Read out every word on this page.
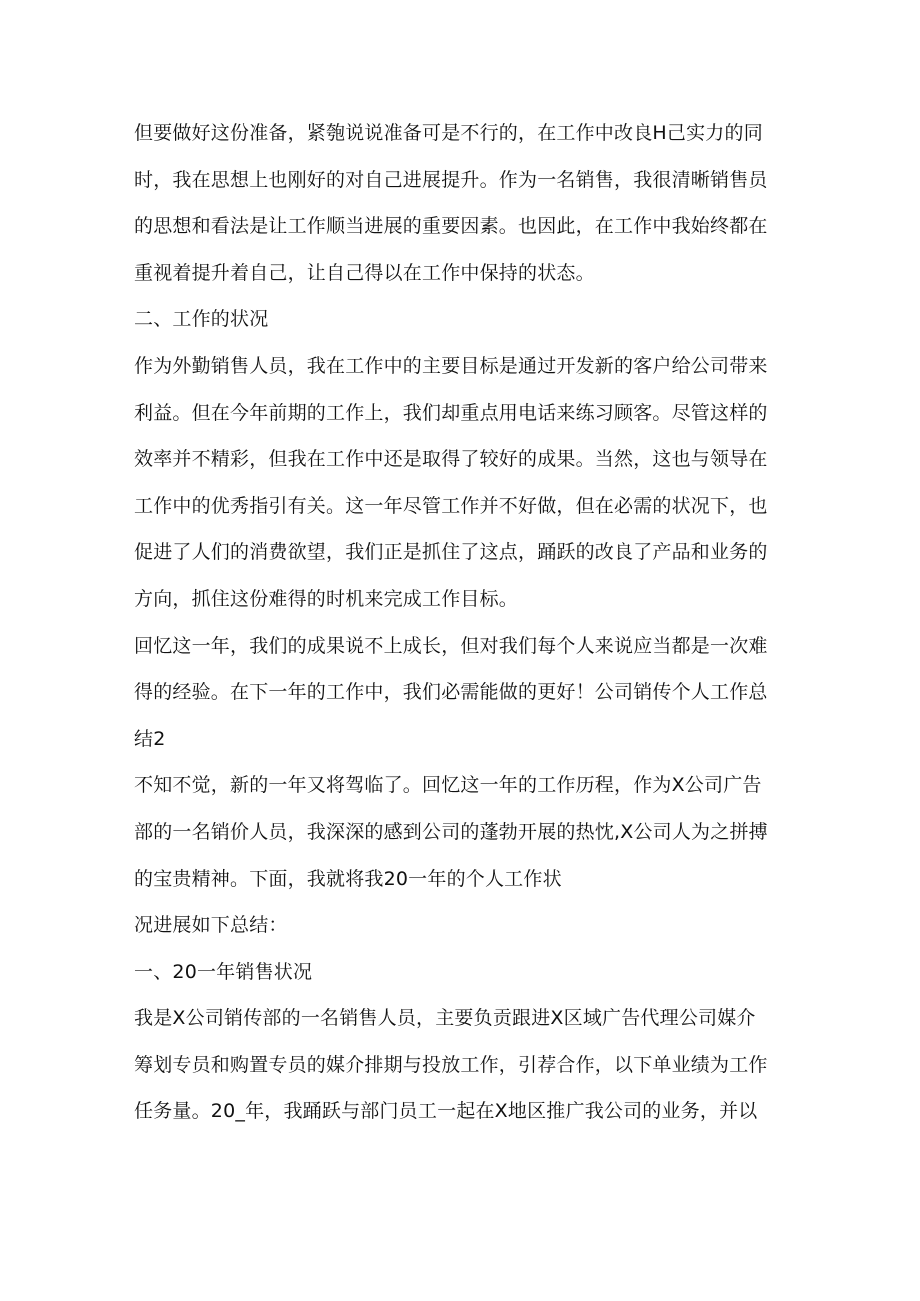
但要做好这份准备，紧匏说说准备可是不行的，在工作中改良H己实力的同
时，我在思想上也刚好的对自己进展提升。作为一名销售，我很清晰销售员
的思想和看法是让工作顺当进展的重要因素。也因此，在工作中我始终都在
重视着提升着自己，让自己得以在工作中保持的状态。
二、工作的状况
作为外勤销售人员，我在工作中的主要目标是通过开发新的客户给公司带来
利益。但在今年前期的工作上，我们却重点用电话来练习顾客。尽管这样的
效率并不精彩，但我在工作中还是取得了较好的成果。当然，这也与领导在
工作中的优秀指引有关。这一年尽管工作并不好做，但在必需的状况下，也
促进了人们的消费欲望，我们正是抓住了这点，踊跃的改良了产品和业务的
方向，抓住这份难得的时机来完成工作目标。
回忆这一年，我们的成果说不上成长，但对我们每个人来说应当都是一次难
得的经验。在下一年的工作中，我们必需能做的更好！公司销传个人工作总
结2
不知不觉，新的一年又将驾临了。回忆这一年的工作历程，作为X公司广告
部的一名销价人员，我深深的感到公司的蓬勃开展的热忱,X公司人为之拼搏
的宝贵精神。下面，我就将我20一年的个人工作状
况进展如下总结：
一、20一年销售状况
我是X公司销传部的一名销售人员，主要负贡跟进X区域广告代理公司媒介
筹划专员和购置专员的媒介排期与投放工作，引荐合作，以下单业绩为工作
任务量。20_年，我踊跃与部门员工一起在X地区推广我公司的业务，并以
